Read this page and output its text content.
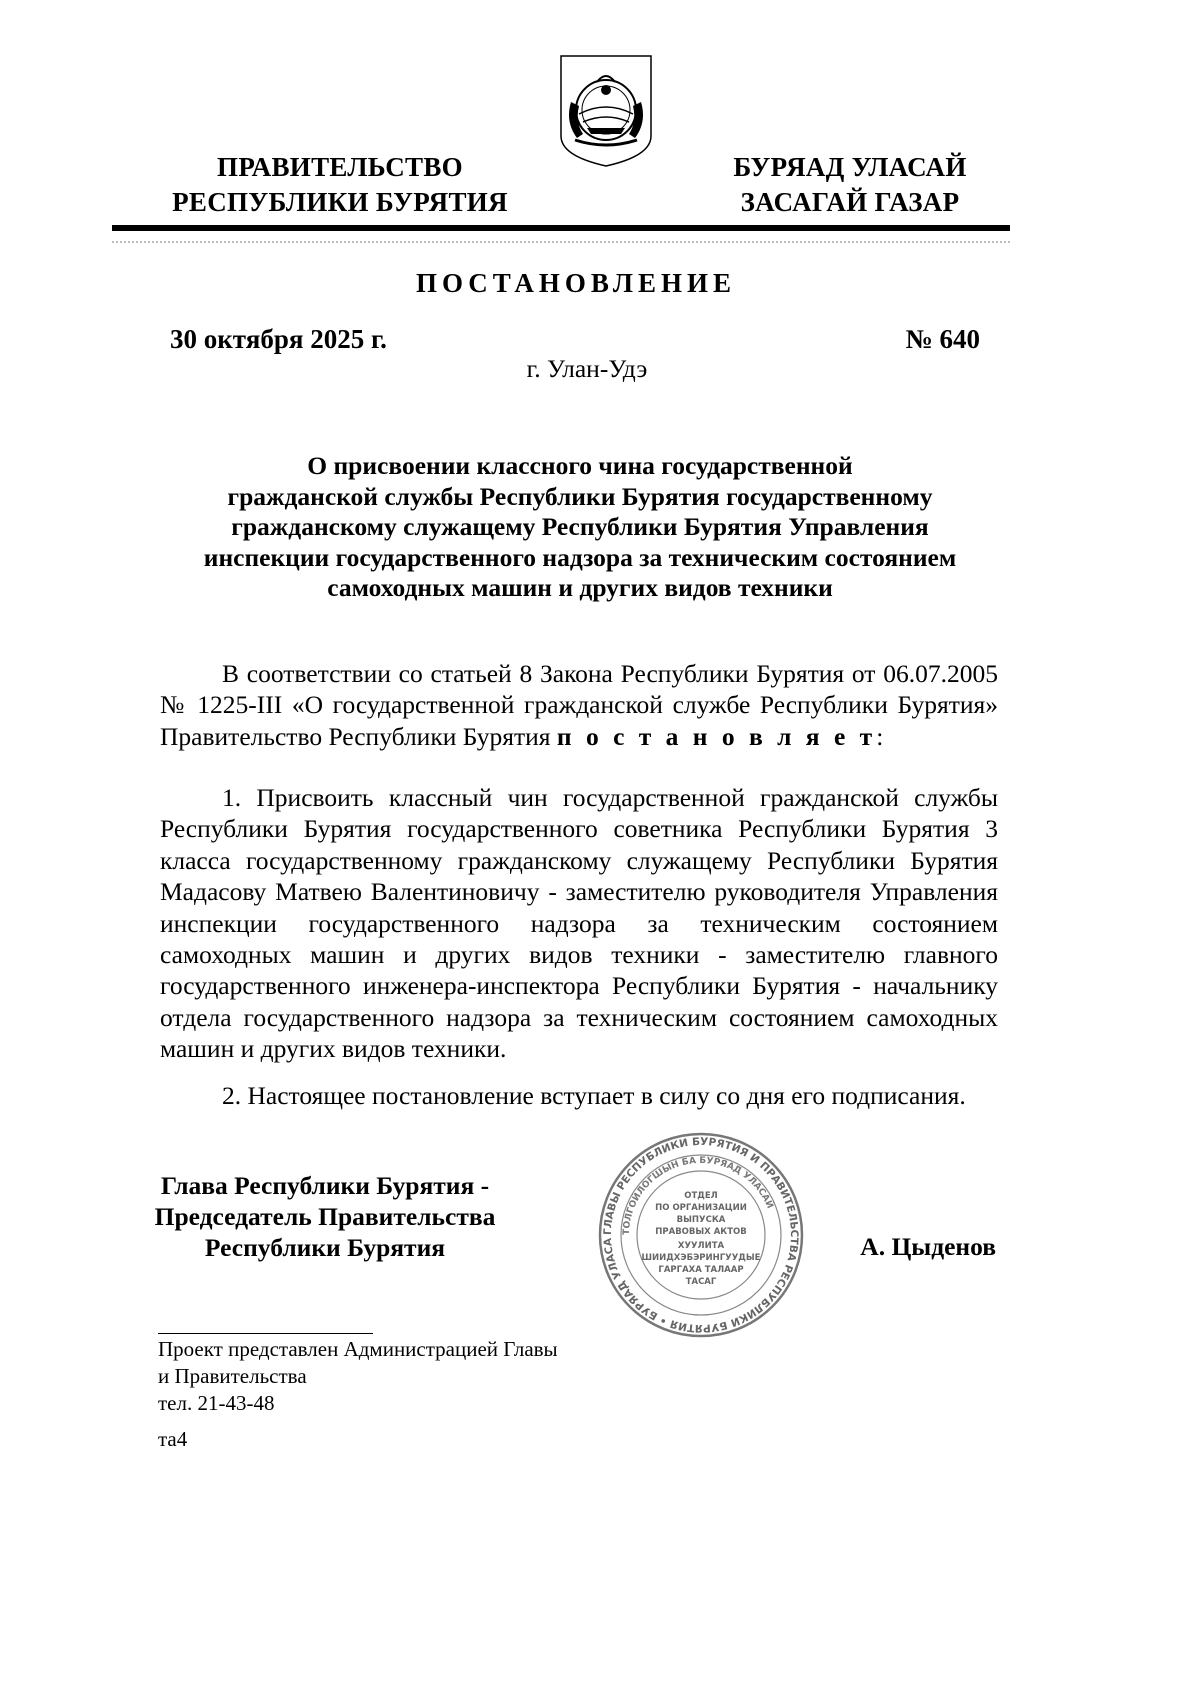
ПРАВИТЕЛЬСТВО
РЕСПУБЛИКИ БУРЯТИЯ
БУРЯАД УЛАСАЙ
ЗАСАГАЙ ГАЗАР
ПОСТАНОВЛЕНИЕ
30 октября 2025 г.	№ 640
г. Улан-Удэ
О присвоении классного чина государственной
гражданской службы Республики Бурятия государственному
гражданскому служащему Республики Бурятия Управления
инспекции государственного надзора за техническим состоянием
самоходных машин и других видов техники
В соответствии со статьей 8 Закона Республики Бурятия от 06.07.2005 № 1225-III «О государственной гражданской службе Республики Бурятия» Правительство Республики Бурятия п о с т а н о в л я е т:
1. Присвоить классный чин государственной гражданской службы Республики Бурятия государственного советника Республики Бурятия 3 класса государственному гражданскому служащему Республики Бурятия Мадасову Матвею Валентиновичу - заместителю руководителя Управления инспекции государственного надзора за техническим состоянием самоходных машин и других видов техники - заместителю главного государственного инженера-инспектора Республики Бурятия - начальнику отдела государственного надзора за техническим состоянием самоходных машин и других видов техники.
2. Настоящее постановление вступает в силу со дня его подписания.
Глава Республики Бурятия -
Председатель Правительства
Республики Бурятия	А. Цыденов
ГЛАВЫ РЕСПУБЛИКИ БУРЯТИЯ И ПРАВИТЕЛЬСТВА РЕСПУБЛИКИ БУРЯТИЯ • БУРЯАД УЛАСА
ТОЛГОЙЛОГШЫН БА БУРЯАД УЛАСАЙ
ОТДЕЛ
ПО ОРГАНИЗАЦИИ
ВЫПУСКА
ПРАВОВЫХ АКТОВ
ХУУЛИТА
ШИИДХЭБЭРИНГУУДЫЕ
ГАРГАХА ТАЛААР
ТАСАГ
Проект представлен Администрацией Главы
и Правительства
тел. 21-43-48
та4
